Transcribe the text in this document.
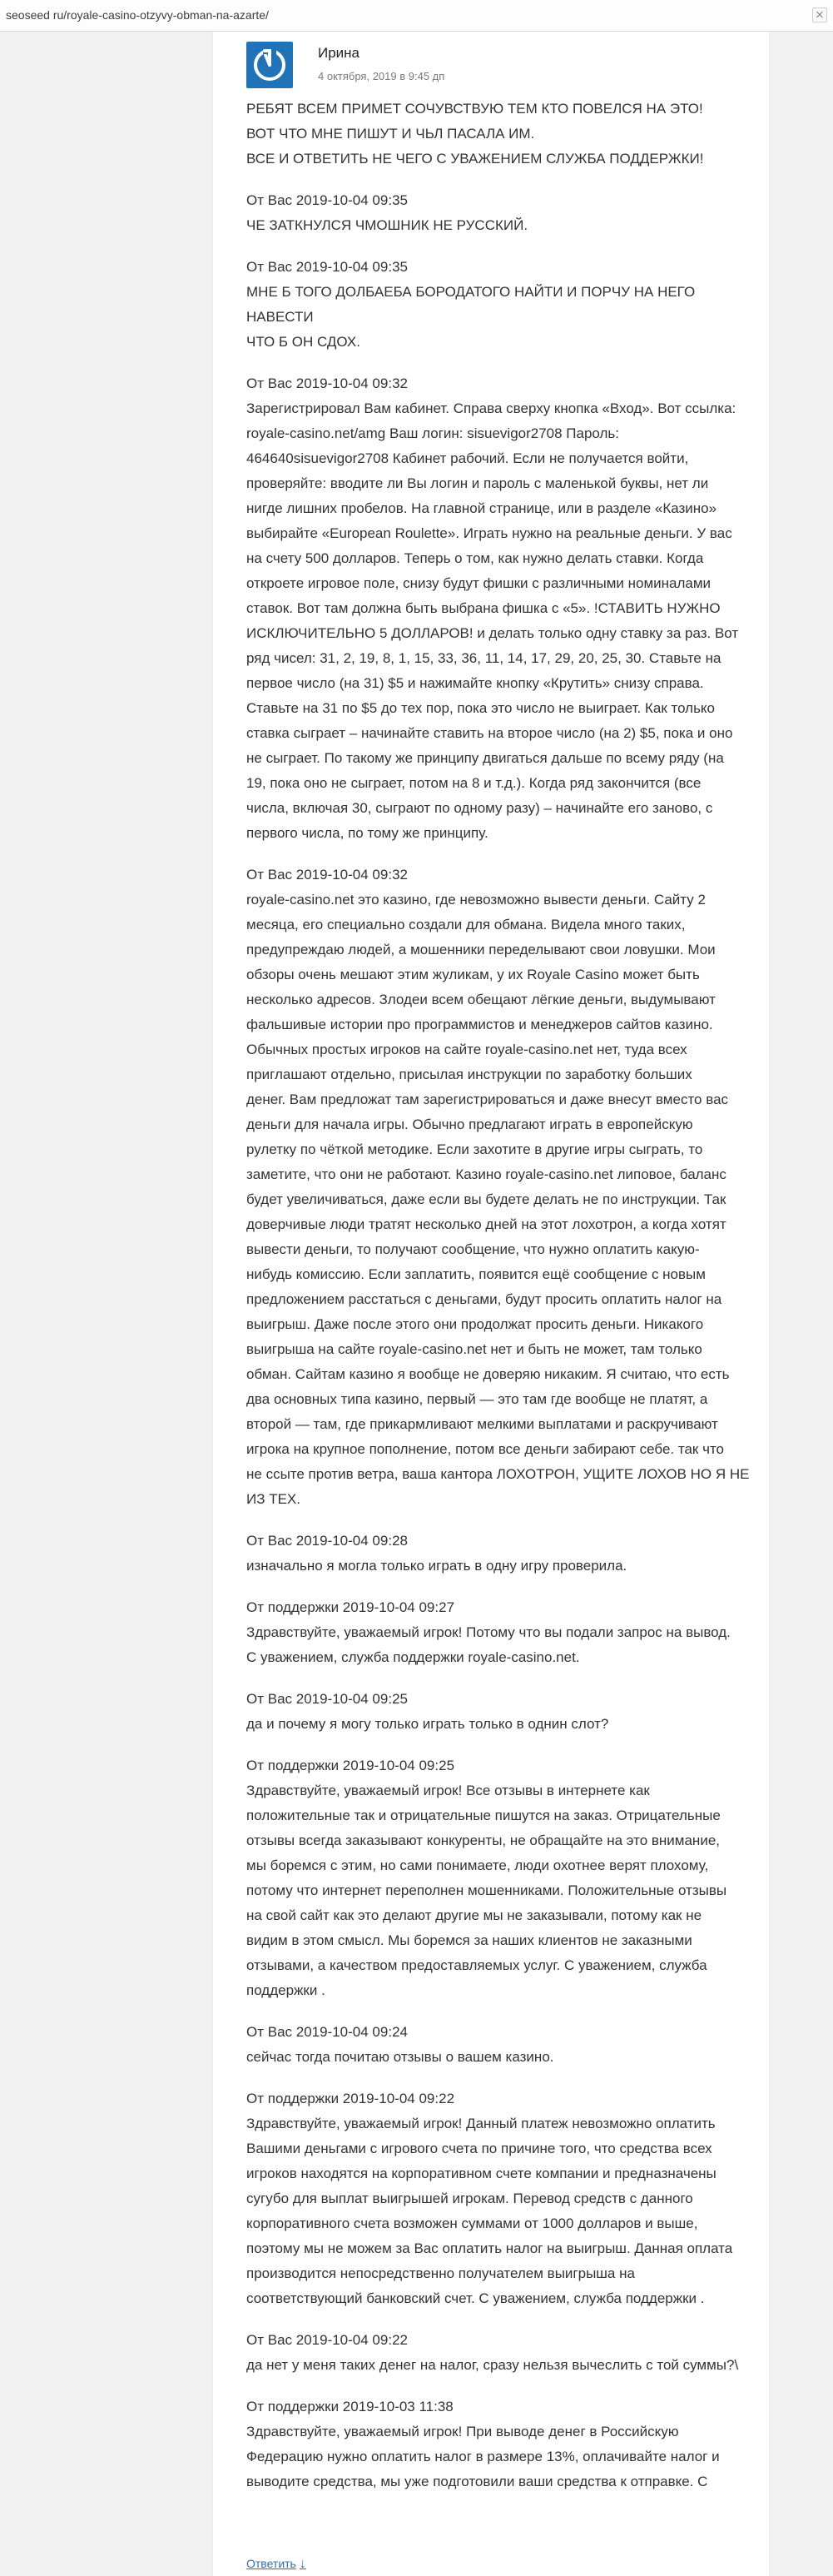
seoseed ru/royale-casino-otzyvy-obman-na-azarte/
Ирина
4 октября, 2019 в 9:45 дп

РЕБЯТ ВСЕМ ПРИМЕТ СОЧУВСТВУЮ ТЕМ КТО ПОВЕЛСЯ НА ЭТО!
ВОТ ЧТО МНЕ ПИШУТ И ЧЬЛ ПАСАЛА ИМ.
ВСЕ И ОТВЕТИТЬ НЕ ЧЕГО С УВАЖЕНИЕМ СЛУЖБА ПОДДЕРЖКИ!

От Вас 2019-10-04 09:35
ЧЕ ЗАТКНУЛСЯ ЧМОШНИК НЕ РУССКИЙ.

От Вас 2019-10-04 09:35
МНЕ Б ТОГО ДОЛБАЕБА БОРОДАТОГО НАЙТИ И ПОРЧУ НА НЕГО НАВЕСТИ
ЧТО Б ОН СДОХ.

От Вас 2019-10-04 09:32
Зарегистрировал Вам кабинет. Справа сверху кнопка «Вход». Вот ссылка:
royale-casino.net/amg Ваш логин: sisuevigor2708 Пароль:
464640sisuevigor2708 Кабинет рабочий. Если не получается войти,
проверяйте: вводите ли Вы логин и пароль с маленькой буквы, нет ли
нигде лишних пробелов. На главной странице, или в разделе «Казино»
выбирайте «European Roulette». Играть нужно на реальные деньги. У вас
на счету 500 долларов. Теперь о том, как нужно делать ставки. Когда
откроете игровое поле, снизу будут фишки с различными номиналами
ставок. Вот там должна быть выбрана фишка с «5». !СТАВИТЬ НУЖНО
ИСКЛЮЧИТЕЛЬНО 5 ДОЛЛАРОВ! и делать только одну ставку за раз. Вот
ряд чисел: 31, 2, 19, 8, 1, 15, 33, 36, 11, 14, 17, 29, 20, 25, 30. Ставьте на
первое число (на 31) $5 и нажимайте кнопку «Крутить» снизу справа.
Ставьте на 31 по $5 до тех пор, пока это число не выиграет. Как только
ставка сыграет – начинайте ставить на второе число (на 2) $5, пока и оно
не сыграет. По такому же принципу двигаться дальше по всему ряду (на
19, пока оно не сыграет, потом на 8 и т.д.). Когда ряд закончится (все
числа, включая 30, сыграют по одному разу) – начинайте его заново, с
первого числа, по тому же принципу.

От Вас 2019-10-04 09:32
royale-casino.net это казино, где невозможно вывести деньги. Сайту 2
месяца, его специально создали для обмана. Видела много таких,
предупреждаю людей, а мошенники переделывают свои ловушки. Мои
обзоры очень мешают этим жуликам, у их Royale Casino может быть
несколько адресов. Злодеи всем обещают лёгкие деньги, выдумывают
фальшивые истории про программистов и менеджеров сайтов казино.
Обычных простых игроков на сайте royale-casino.net нет, туда всех
приглашают отдельно, присылая инструкции по заработку больших
денег. Вам предложат там зарегистрироваться и даже внесут вместо вас
деньги для начала игры. Обычно предлагают играть в европейскую
рулетку по чёткой методике. Если захотите в другие игры сыграть, то
заметите, что они не работают. Казино royale-casino.net липовое, баланс
будет увеличиваться, даже если вы будете делать не по инструкции. Так
доверчивые люди тратят несколько дней на этот лохотрон, а когда хотят
вывести деньги, то получают сообщение, что нужно оплатить какую-
нибудь комиссию. Если заплатить, появится ещё сообщение с новым
предложением расстаться с деньгами, будут просить оплатить налог на
выигрыш. Даже после этого они продолжат просить деньги. Никакого
выигрыша на сайте royale-casino.net нет и быть не может, там только
обман. Сайтам казино я вообще не доверяю никаким. Я считаю, что есть
два основных типа казино, первый — это там где вообще не платят, а
второй — там, где прикармливают мелкими выплатами и раскручивают
игрока на крупное пополнение, потом все деньги забирают себе. так что
не ссыте против ветра, ваша кантора ЛОХОТРОН, УЩИТЕ ЛОХОВ НО Я НЕ
ИЗ ТЕХ.

От Вас 2019-10-04 09:28
изначально я могла только играть в одну игру проверила.

От поддержки 2019-10-04 09:27
Здравствуйте, уважаемый игрок! Потому что вы подали запрос на вывод.
С уважением, служба поддержки royale-casino.net.

От Вас 2019-10-04 09:25
да и почему я могу только играть только в однин слот?

От поддержки 2019-10-04 09:25
Здравствуйте, уважаемый игрок! Все отзывы в интернете как
положительные так и отрицательные пишутся на заказ. Отрицательные
отзывы всегда заказывают конкуренты, не обращайте на это внимание,
мы боремся с этим, но сами понимаете, люди охотнее верят плохому,
потому что интернет переполнен мошенниками. Положительные отзывы
на свой сайт как это делают другие мы не заказывали, потому как не
видим в этом смысл. Мы боремся за наших клиентов не заказными
отзывами, а качеством предоставляемых услуг. С уважением, служба
поддержки .

От Вас 2019-10-04 09:24
сейчас тогда почитаю отзывы о вашем казино.

От поддержки 2019-10-04 09:22
Здравствуйте, уважаемый игрок! Данный платеж невозможно оплатить
Вашими деньгами с игрового счета по причине того, что средства всех
игроков находятся на корпоративном счете компании и предназначены
сугубо для выплат выигрышей игрокам. Перевод средств с данного
корпоративного счета возможен суммами от 1000 долларов и выше,
поэтому мы не можем за Вас оплатить налог на выигрыш. Данная оплата
производится непосредственно получателем выигрыша на
соответствующий банковский счет. С уважением, служба поддержки .

От Вас 2019-10-04 09:22
да нет у меня таких денег на налог, сразу нельзя вычеслить с той суммы?\

От поддержки 2019-10-03 11:38
Здравствуйте, уважаемый игрок! При выводе денег в Российскую
Федерацию нужно оплатить налог в размере 13%, оплачивайте налог и
выводите средства, мы уже подготовили ваши средства к отправке. С

Ответить ↓
